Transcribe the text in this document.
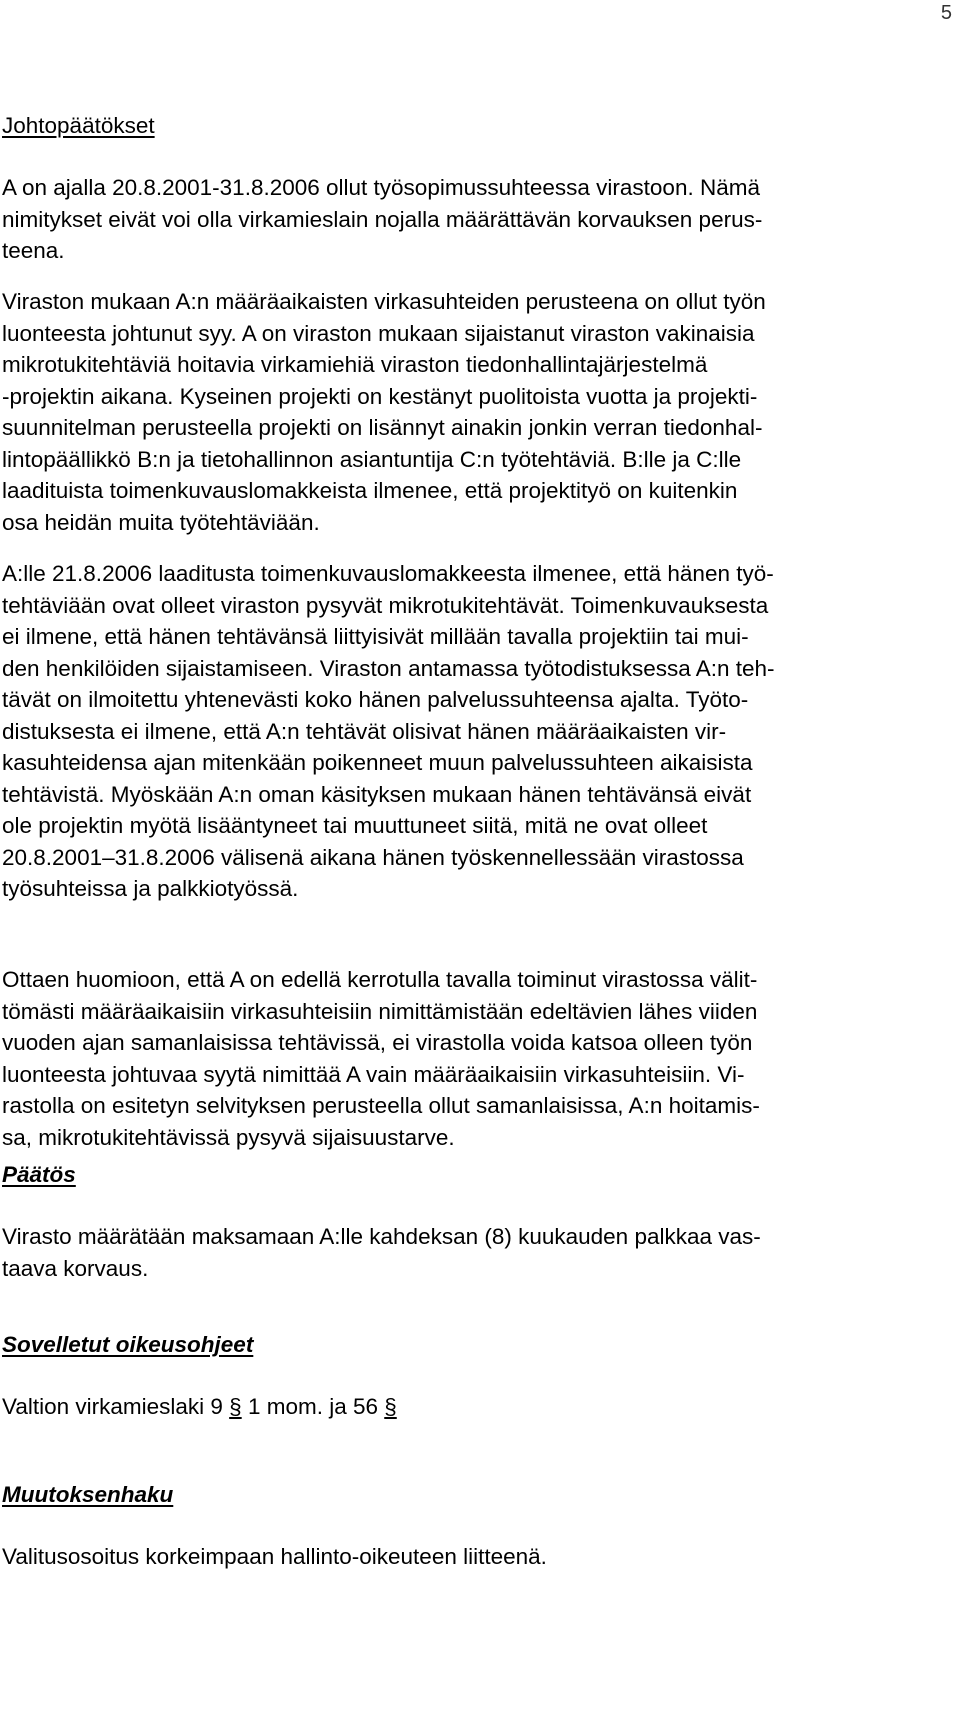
5
Johtopäätökset
A on ajalla 20.8.2001-31.8.2006 ollut työsopimussuhteessa virastoon. Nämä
nimitykset eivät voi olla virkamieslain nojalla määrättävän korvauksen perus-
teena.
Viraston mukaan A:n määräaikaisten virkasuhteiden perusteena on ollut työn
luonteesta johtunut syy. A on viraston mukaan sijaistanut viraston vakinaisia
mikrotukitehtäviä hoitavia virkamiehiä viraston tiedonhallintajärjestelmä
-projektin aikana. Kyseinen projekti on kestänyt puolitoista vuotta ja projekti-
suunnitelman perusteella projekti on lisännyt ainakin jonkin verran tiedonhal-
lintopäällikkö B:n ja tietohallinnon asiantuntija C:n työtehtäviä. B:lle ja C:lle
laadituista toimenkuvauslomakkeista ilmenee, että projektityö on kuitenkin
osa heidän muita työtehtäviään.
A:lle 21.8.2006 laaditusta toimenkuvauslomakkeesta ilmenee, että hänen työ-
tehtäviään ovat olleet viraston pysyvät mikrotukitehtävät. Toimenkuvauksesta
ei ilmene, että hänen tehtävänsä liittyisivät millään tavalla projektiin tai mui-
den henkilöiden sijaistamiseen. Viraston antamassa työtodistuksessa A:n teh-
tävät on ilmoitettu yhtenevästi koko hänen palvelussuhteensa ajalta. Työto-
distuksesta ei ilmene, että A:n tehtävät olisivat hänen määräaikaisten vir-
kasuhteidensa ajan mitenkään poikenneet muun palvelussuhteen aikaisista
tehtävistä. Myöskään A:n oman käsityksen mukaan hänen tehtävänsä eivät
ole projektin myötä lisääntyneet tai muuttuneet siitä, mitä ne ovat olleet
20.8.2001–31.8.2006 välisenä aikana hänen työskennellessään virastossa
työsuhteissa ja palkkiotyössä.
Ottaen huomioon, että A on edellä kerrotulla tavalla toiminut virastossa välit-
tömästi määräaikaisiin virkasuhteisiin nimittämistään edeltävien lähes viiden
vuoden ajan samanlaisissa tehtävissä, ei virastolla voida katsoa olleen työn
luonteesta johtuvaa syytä nimittää A vain määräaikaisiin virkasuhteisiin. Vi-
rastolla on esitetyn selvityksen perusteella ollut samanlaisissa, A:n hoitamis-
sa, mikrotukitehtävissä pysyvä sijaisuustarve.
Päätös
Virasto määrätään maksamaan A:lle kahdeksan (8) kuukauden palkkaa vas-
taava korvaus.
Sovelletut oikeusohjeet
Valtion virkamieslaki 9 § 1 mom. ja 56 §
Muutoksenhaku
Valitusosoitus korkeimpaan hallinto-oikeuteen liitteenä.
